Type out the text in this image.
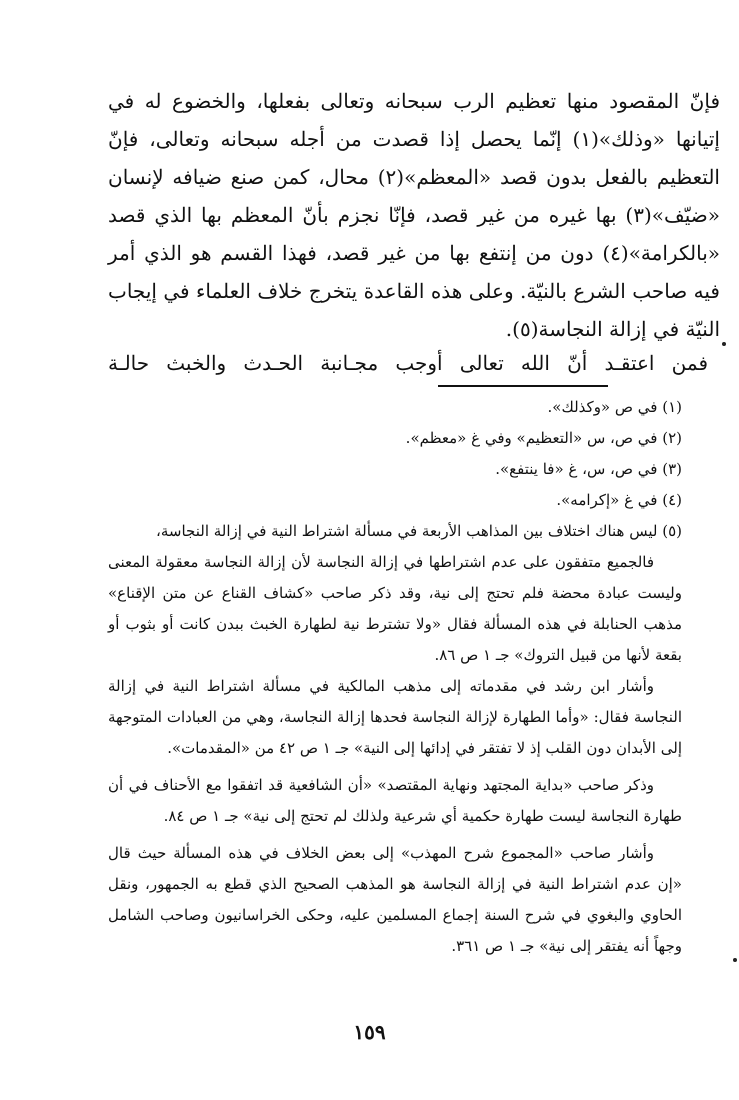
فإنّ المقصود منها تعظيم الرب سبحانه وتعالى بفعلها، والخضوع له في إتيانها «وذلك»(١) إنّما يحصل إذا قصدت من أجله سبحانه وتعالى، فإنّ التعظيم بالفعل بدون قصد «المعظم»(٢) محال، كمن صنع ضيافه لإنسان «ضيّف»(٣) بها غيره من غير قصد، فإنّا نجزم بأنّ المعظم بها الذي قصد «بالكرامة»(٤) دون من إنتفع بها من غير قصد، فهذا القسم هو الذي أمر فيه صاحب الشرع بالنيّة. وعلى هذه القاعدة يتخرج خلاف العلماء في إيجاب النيّة في إزالة النجاسة(٥).

فمن اعتقـد أنّ الله تعالى أوجب مجـانبة الحـدث والخبث حالـة

(١) في ص «وكذلك».

(٢) في ص، س «التعظيم» وفي غ «معظم».

(٣) في ص، س، غ «فا ينتفع».

(٤) في غ «إكرامه».

(٥) ليس هناك اختلاف بين المذاهب الأربعة في مسألة اشتراط النية في إزالة النجاسة،

فالجميع متفقون على عدم اشتراطها في إزالة النجاسة لأن إزالة النجاسة معقولة المعنى وليست عبادة محضة فلم تحتج إلى نية، وقد ذكر صاحب «كشاف القناع عن متن الإقناع» مذهب الحنابلة في هذه المسألة فقال «ولا تشترط نية لطهارة الخبث ببدن كانت أو بثوب أو بقعة لأنها من قبيل التروك» جـ ١ ص ٨٦.

وأشار ابن رشد في مقدماته إلى مذهب المالكية في مسألة اشتراط النية في إزالة النجاسة فقال: «وأما الطهارة لإزالة النجاسة فحدها إزالة النجاسة، وهي من العبادات المتوجهة إلى الأبدان دون القلب إذ لا تفتقر في إدائها إلى النية» جـ ١ ص ٤٢ من «المقدمات».

وذكر صاحب «بداية المجتهد ونهاية المقتصد» «أن الشافعية قد اتفقوا مع الأحناف في أن طهارة النجاسة ليست طهارة حكمية أي شرعية ولذلك لم تحتج إلى نية» جـ ١ ص ٨٤.

وأشار صاحب «المجموع شرح المهذب» إلى بعض الخلاف في هذه المسألة حيث قال «إن عدم اشتراط النية في إزالة النجاسة هو المذهب الصحيح الذي قطع به الجمهور، ونقل الحاوي والبغوي في شرح السنة إجماع المسلمين عليه، وحكى الخراسانيون وصاحب الشامل وجهاً أنه يفتقر إلى نية» جـ ١ ص ٣٦١.

١٥٩
